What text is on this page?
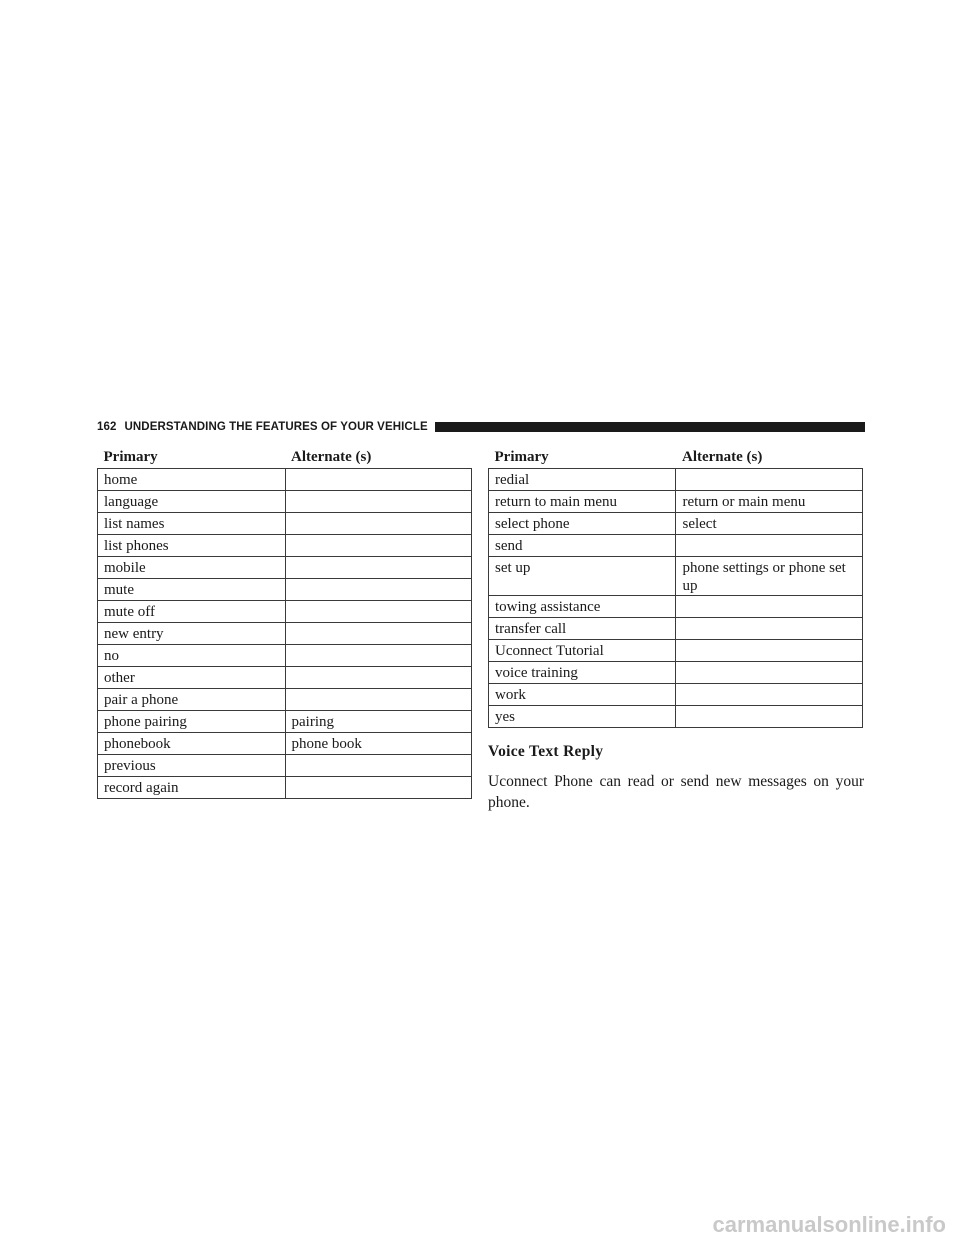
162 UNDERSTANDING THE FEATURES OF YOUR VEHICLE
Primary	Alternate (s)
home	
language	
list names	
list phones	
mobile	
mute	
mute off	
new entry	
no	
other	
pair a phone	
phone pairing	pairing
phonebook	phone book
previous	
record again	
Primary	Alternate (s)
redial	
return to main menu	return or main menu
select phone	select
send	
set up	phone settings or phone set up
towing assistance	
transfer call	
Uconnect Tutorial	
voice training	
work	
yes	
Voice Text Reply
Uconnect Phone can read or send new messages on your phone.
carmanualsonline.info
